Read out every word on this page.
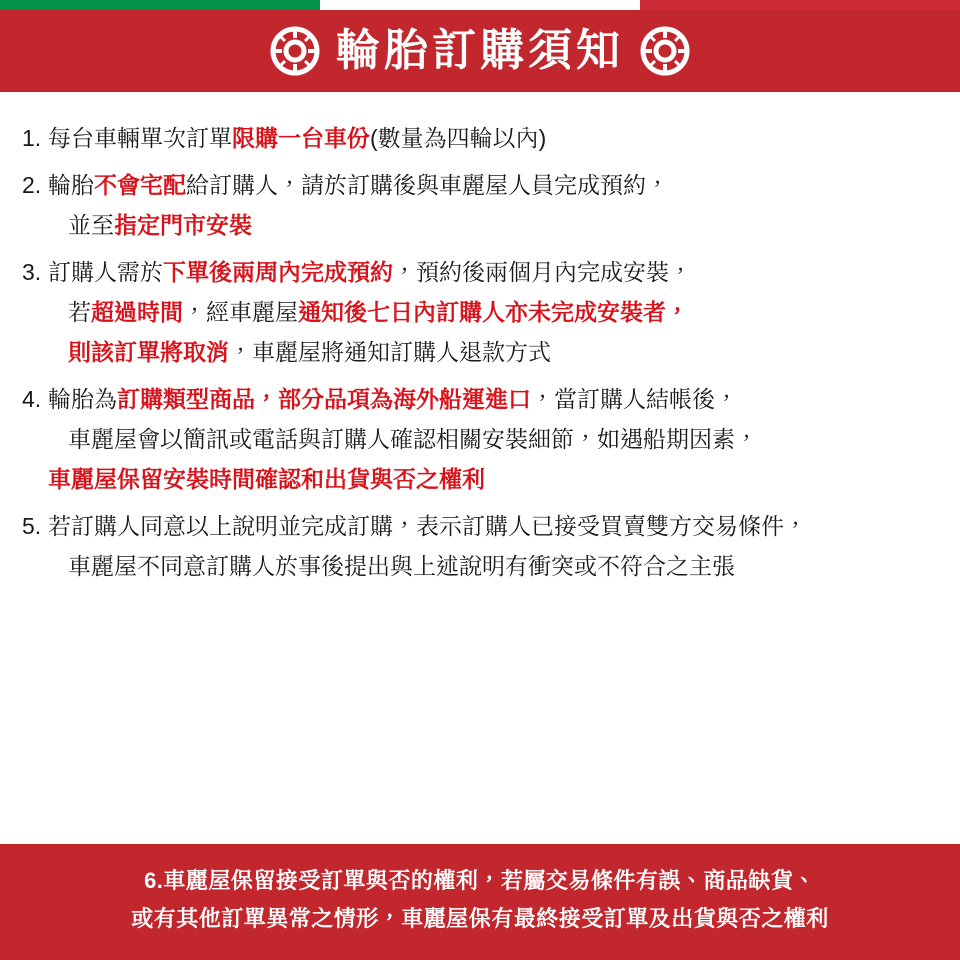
輪胎訂購須知
1. 每台車輛單次訂單限購一台車份(數量為四輪以內)
2. 輪胎不會宅配給訂購人，請於訂購後與車麗屋人員完成預約，
並至指定門市安裝
3. 訂購人需於下單後兩周內完成預約，預約後兩個月內完成安裝，
若超過時間，經車麗屋通知後七日內訂購人亦未完成安裝者，
則該訂單將取消，車麗屋將通知訂購人退款方式
4. 輪胎為訂購類型商品，部分品項為海外船運進口，當訂購人結帳後，
車麗屋會以簡訊或電話與訂購人確認相關安裝細節，如遇船期因素，
車麗屋保留安裝時間確認和出貨與否之權利
5. 若訂購人同意以上說明並完成訂購，表示訂購人已接受買賣雙方交易條件，
車麗屋不同意訂購人於事後提出與上述說明有衝突或不符合之主張
6.車麗屋保留接受訂單與否的權利，若屬交易條件有誤、商品缺貨、
或有其他訂單異常之情形，車麗屋保有最終接受訂單及出貨與否之權利
